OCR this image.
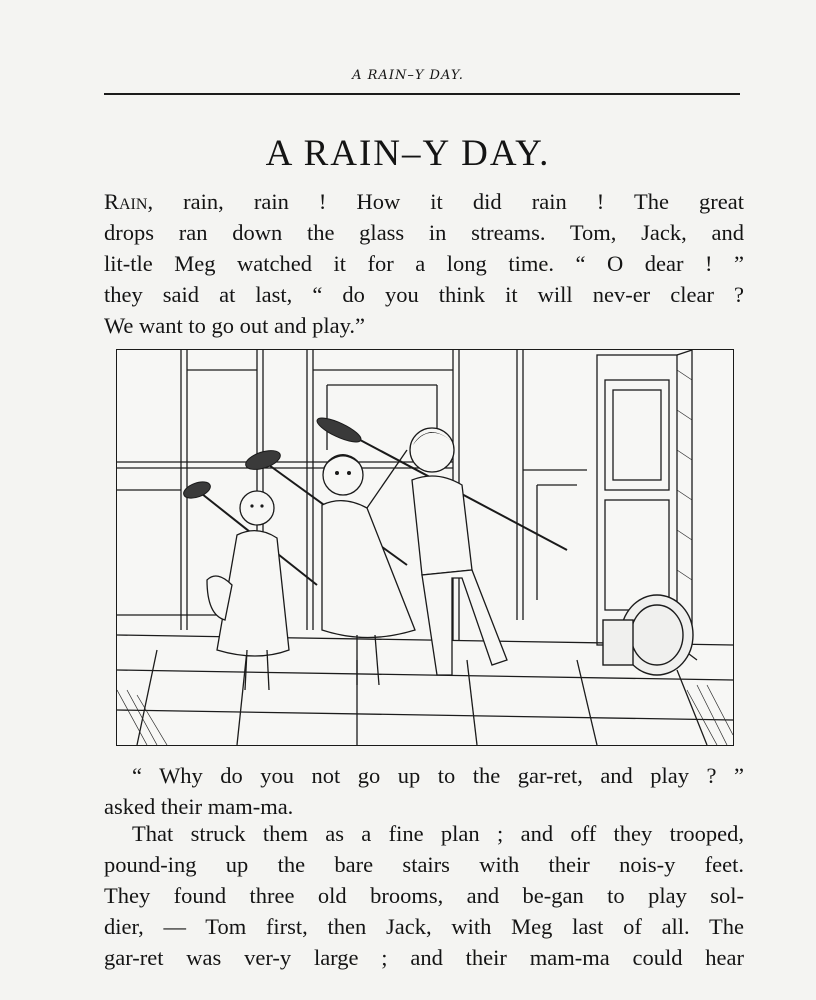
A RAIN–Y DAY.
A RAIN–Y DAY.
Rain, rain, rain ! How it did rain ! The great
drops ran down the glass in streams. Tom, Jack, and
lit-tle Meg watched it for a long time. “ O dear ! ”
they said at last, “ do you think it will nev-er clear ?
We want to go out and play.”
“ Why do you not go up to the gar-ret, and play ? ”
asked their mam-ma.
That struck them as a fine plan ; and off they trooped,
pound-ing up the bare stairs with their nois-y feet.
They found three old brooms, and be-gan to play sol-
dier, — Tom first, then Jack, with Meg last of all. The
gar-ret was ver-y large ; and their mam-ma could hear
